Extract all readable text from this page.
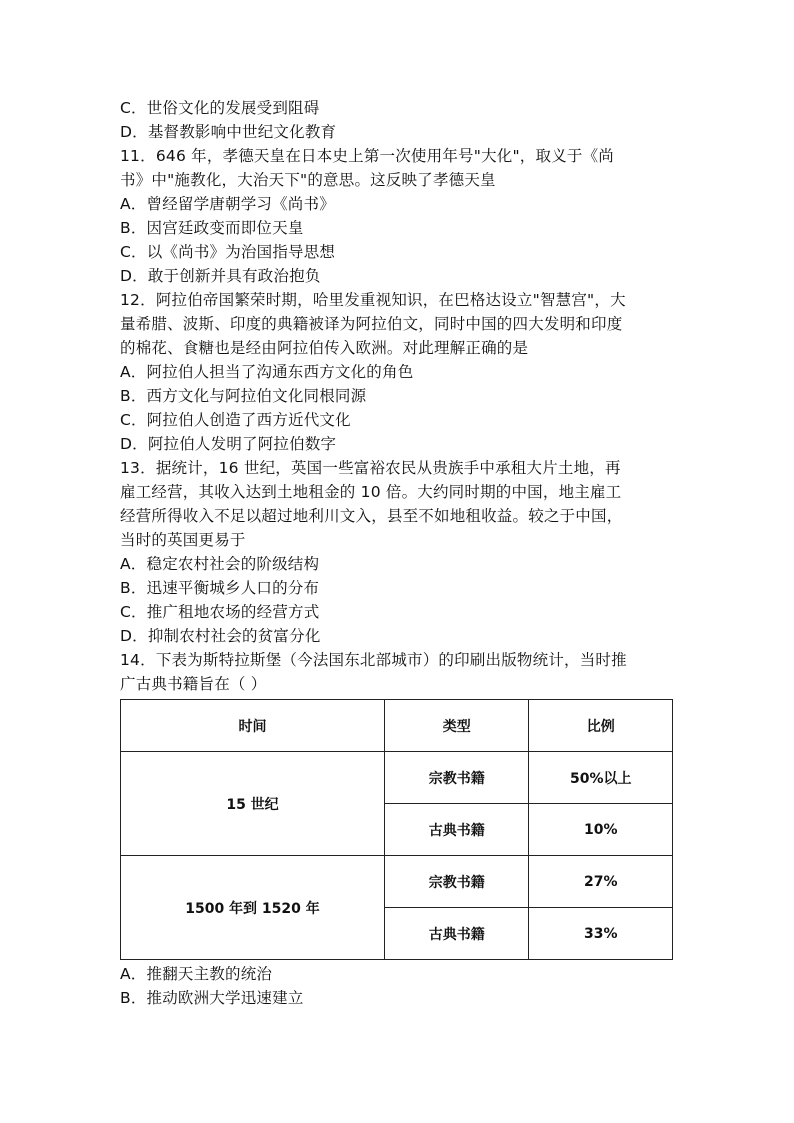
C．世俗文化的发展受到阻碍
D．基督教影响中世纪文化教育
11．646 年，孝德天皇在日本史上第一次使用年号"大化"，取义于《尚
书》中"施教化，大治天下"的意思。这反映了孝德天皇
A．曾经留学唐朝学习《尚书》
B．因宫廷政变而即位天皇
C．以《尚书》为治国指导思想
D．敢于创新并具有政治抱负
12．阿拉伯帝国繁荣时期，哈里发重视知识，在巴格达设立"智慧宫"，大
量希腊、波斯、印度的典籍被译为阿拉伯文，同时中国的四大发明和印度
的棉花、食糖也是经由阿拉伯传入欧洲。对此理解正确的是
A．阿拉伯人担当了沟通东西方文化的角色
B．西方文化与阿拉伯文化同根同源
C．阿拉伯人创造了西方近代文化
D．阿拉伯人发明了阿拉伯数字
13．据统计，16 世纪，英国一些富裕农民从贵族手中承租大片土地，再
雇工经营，其收入达到土地租金的 10 倍。大约同时期的中国，地主雇工
经营所得收入不足以超过地利川文入，县至不如地租收益。较之于中国，
当时的英国更易于
A．稳定农村社会的阶级结构
B．迅速平衡城乡人口的分布
C．推广租地农场的经营方式
D．抑制农村社会的贫富分化
14．下表为斯特拉斯堡（今法国东北部城市）的印刷出版物统计，当时推
广古典书籍旨在（ ）
时间	类型	比例
15 世纪	宗教书籍	50%以上
	古典书籍	10%
1500 年到 1520 年	宗教书籍	27%
	古典书籍	33%
A．推翻天主教的统治
B．推动欧洲大学迅速建立
